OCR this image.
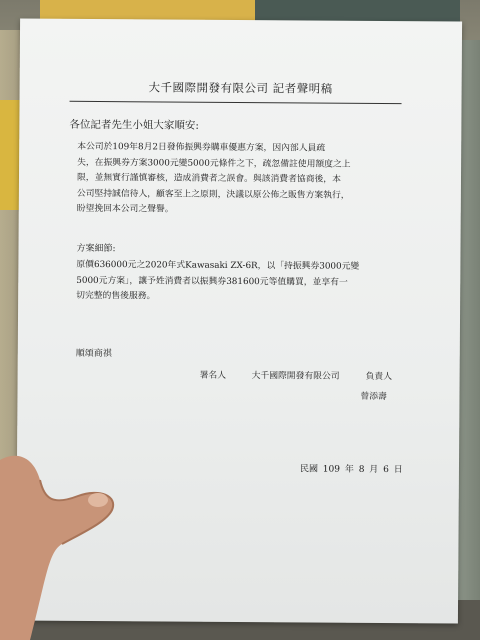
大千國際開發有限公司 記者聲明稿
各位記者先生小姐大家順安:
本公司於109年8月2日發佈振興券購車優惠方案，因內部人員疏
失，在振興券方案3000元變5000元條件之下，疏忽備註使用額度之上
限，並無實行謹慎審核，造成消費者之誤會。與該消費者協商後，本
公司堅持誠信待人，顧客至上之原則，決議以原公佈之販售方案執行，
盼望挽回本公司之聲譽。
方案細節:
原價636000元之2020年式Kawasaki ZX-6R，以「持振興券3000元變
5000元方案」，讓予姓消費者以振興券381600元等值購買，並享有一
切完整的售後服務。
順頌商祺
署名人	大千國際開發有限公司	負責人
曾添壽
民國 109 年 8 月 6 日
